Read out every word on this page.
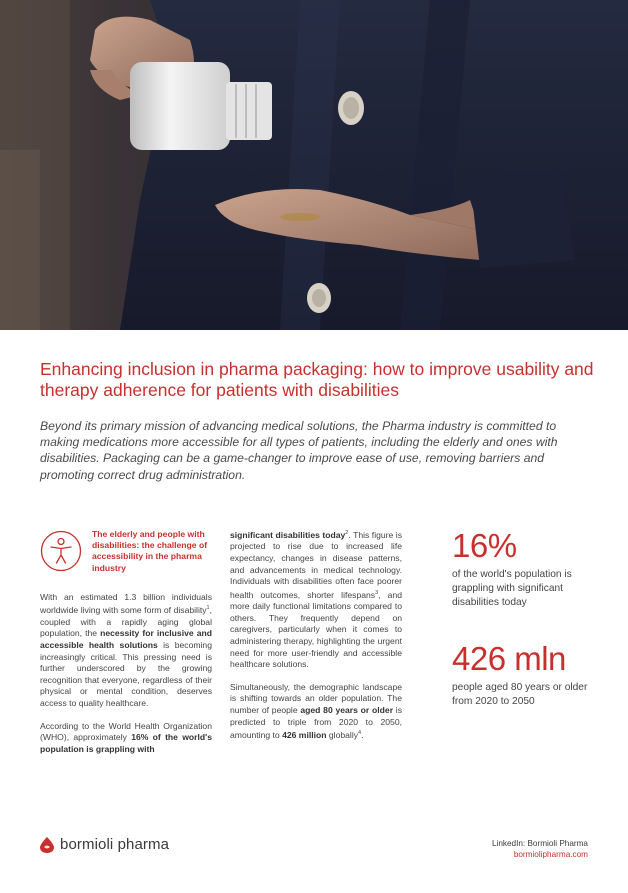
Enhancing inclusion in pharma packaging: how to improve usability and therapy adherence for patients with disabilities

Beyond its primary mission of advancing medical solutions, the Pharma industry is committed to making medications more accessible for all types of patients, including the elderly and ones with disabilities. Packaging can be a game-changer to improve ease of use, removing barriers and promoting correct drug administration.

The elderly and people with disabilities: the challenge of accessibility in the pharma industry

With an estimated 1.3 billion individuals worldwide living with some form of disability$^1$, coupled with a rapidly aging global population, the necessity for inclusive and accessible health solutions is becoming increasingly critical. This pressing need is further underscored by the growing recognition that everyone, regardless of their physical or mental condition, deserves access to quality healthcare.

According to the World Health Organization (WHO), approximately 16% of the world's population is grappling with

significant disabilities today$^2$. This figure is projected to rise due to increased life expectancy, changes in disease patterns, and advancements in medical technology. Individuals with disabilities often face poorer health outcomes, shorter lifespans$^3$, and more daily functional limitations compared to others. They frequently depend on caregivers, particularly when it comes to administering therapy, highlighting the urgent need for more user-friendly and accessible healthcare solutions.

Simultaneously, the demographic landscape is shifting towards an older population. The number of people aged 80 years or older is predicted to triple from 2020 to 2050, amounting to 426 million globally$^4$.

16%
of the world's population is grappling with significant disabilities today
426 mln
people aged 80 years or older from 2020 to 2050
bormioli pharma	LinkedIn: Bormioli Pharma
bormiolipharma.com
